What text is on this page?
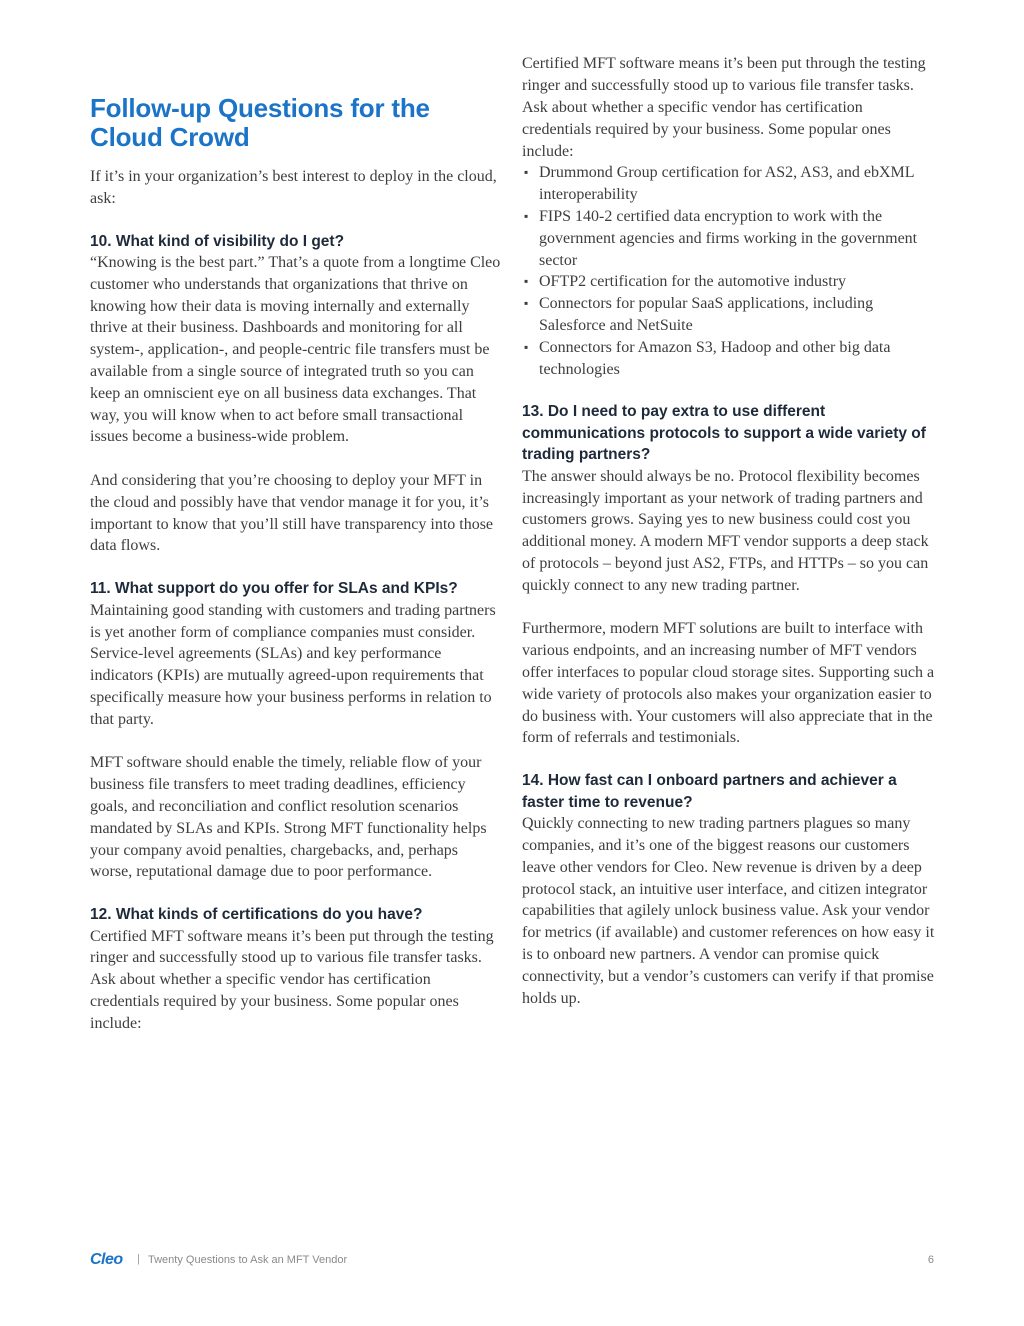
Follow-up Questions for the Cloud Crowd

If it’s in your organization’s best interest to deploy in the cloud, ask:

10. What kind of visibility do I get?

“Knowing is the best part.” That’s a quote from a longtime Cleo customer who understands that organizations that thrive on knowing how their data is moving internally and externally thrive at their business. Dashboards and monitoring for all system-, application-, and people-centric file transfers must be available from a single source of integrated truth so you can keep an omniscient eye on all business data exchanges. That way, you will know when to act before small transactional issues become a business-wide problem.

And considering that you’re choosing to deploy your MFT in the cloud and possibly have that vendor manage it for you, it’s important to know that you’ll still have transparency into those data flows.

11. What support do you offer for SLAs and KPIs?

Maintaining good standing with customers and trading partners is yet another form of compliance companies must consider. Service-level agreements (SLAs) and key performance indicators (KPIs) are mutually agreed-upon requirements that specifically measure how your business performs in relation to that party.

MFT software should enable the timely, reliable flow of your business file transfers to meet trading deadlines, efficiency goals, and reconciliation and conflict resolution scenarios mandated by SLAs and KPIs. Strong MFT functionality helps your company avoid penalties, chargebacks, and, perhaps worse, reputational damage due to poor performance.

12. What kinds of certifications do you have?

Certified MFT software means it’s been put through the testing ringer and successfully stood up to various file transfer tasks. Ask about whether a specific vendor has certification credentials required by your business. Some popular ones include:

Certified MFT software means it’s been put through the testing ringer and successfully stood up to various file transfer tasks. Ask about whether a specific vendor has certification credentials required by your business. Some popular ones include:

▪ Drummond Group certification for AS2, AS3, and ebXML interoperability
▪ FIPS 140-2 certified data encryption to work with the government agencies and firms working in the government sector
▪ OFTP2 certification for the automotive industry
▪ Connectors for popular SaaS applications, including Salesforce and NetSuite
▪ Connectors for Amazon S3, Hadoop and other big data technologies
13. Do I need to pay extra to use different communications protocols to support a wide variety of trading partners?

The answer should always be no. Protocol flexibility becomes increasingly important as your network of trading partners and customers grows. Saying yes to new business could cost you additional money. A modern MFT vendor supports a deep stack of protocols – beyond just AS2, FTPs, and HTTPs – so you can quickly connect to any new trading partner.

Furthermore, modern MFT solutions are built to interface with various endpoints, and an increasing number of MFT vendors offer interfaces to popular cloud storage sites. Supporting such a wide variety of protocols also makes your organization easier to do business with. Your customers will also appreciate that in the form of referrals and testimonials.

14. How fast can I onboard partners and achiever a faster time to revenue?

Quickly connecting to new trading partners plagues so many companies, and it’s one of the biggest reasons our customers leave other vendors for Cleo. New revenue is driven by a deep protocol stack, an intuitive user interface, and citizen integrator capabilities that agilely unlock business value. Ask your vendor for metrics (if available) and customer references on how easy it is to onboard new partners. A vendor can promise quick connectivity, but a vendor’s customers can verify if that promise holds up.

Cleo | Twenty Questions to Ask an MFT Vendor	6
